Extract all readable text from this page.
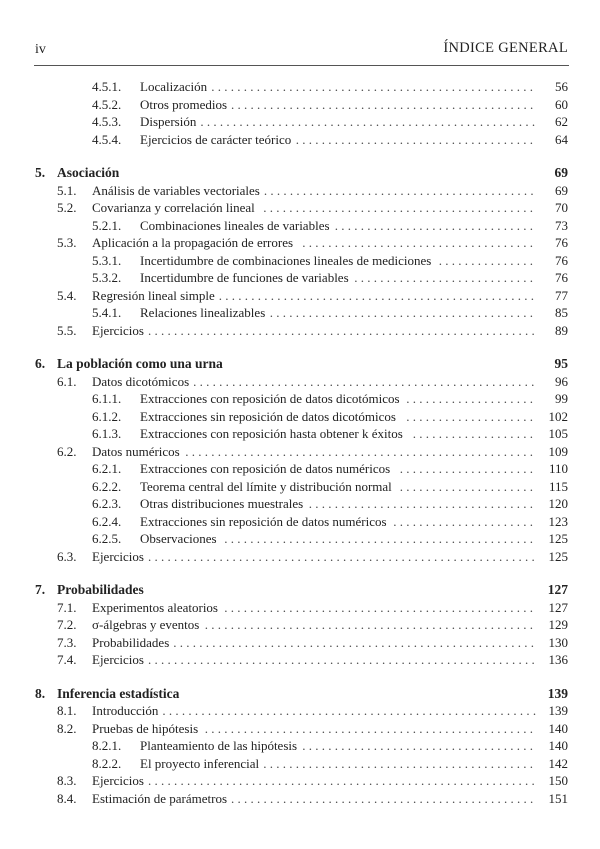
iv	ÍNDICE GENERAL
4.5.1.	Localización . . . . . . . . . . . . . . . . . . . . . . . . . . . . . . . . . . . . . . . . . . . . . . . . . .	56
4.5.2.	Otros promedios . . . . . . . . . . . . . . . . . . . . . . . . . . . . . . . . . . . . . . . . . . . . . . .	60
4.5.3.	Dispersión . . . . . . . . . . . . . . . . . . . . . . . . . . . . . . . . . . . . . . . . . . . . . . . . . . . .	62
4.5.4.	Ejercicios de carácter teórico . . . . . . . . . . . . . . . . . . . . . . . . . . . . . . . . . . . . .	64
5. Asociación	69
5.1.	Análisis de variables vectoriales . . . . . . . . . . . . . . . . . . . . . . . . . . . . . . . . . . . . . . . . . .	69
5.2.	Covarianza y correlación lineal . . . . . . . . . . . . . . . . . . . . . . . . . . . . . . . . . . . . . . . . . .	70
5.2.1.	Combinaciones lineales de variables . . . . . . . . . . . . . . . . . . . . . . . . . . . . . . .	73
5.3.	Aplicación a la propagación de errores . . . . . . . . . . . . . . . . . . . . . . . . . . . . . . . . . . . .	76
5.3.1.	Incertidumbre de combinaciones lineales de mediciones . . . . . . . . . . . . . . .	76
5.3.2.	Incertidumbre de funciones de variables . . . . . . . . . . . . . . . . . . . . . . . . . . . .	76
5.4.	Regresión lineal simple . . . . . . . . . . . . . . . . . . . . . . . . . . . . . . . . . . . . . . . . . . . . . . . . .	77
5.4.1.	Relaciones linealizables . . . . . . . . . . . . . . . . . . . . . . . . . . . . . . . . . . . . . . . . .	85
5.5.	Ejercicios . . . . . . . . . . . . . . . . . . . . . . . . . . . . . . . . . . . . . . . . . . . . . . . . . . . . . . . . . . . .	89
6. La población como una urna	95
6.1.	Datos dicotómicos . . . . . . . . . . . . . . . . . . . . . . . . . . . . . . . . . . . . . . . . . . . . . . . . . . . . .	96
6.1.1.	Extracciones con reposición de datos dicotómicos . . . . . . . . . . . . . . . . . . . .	99
6.1.2.	Extracciones sin reposición de datos dicotómicos . . . . . . . . . . . . . . . . . . . .	102
6.1.3.	Extracciones con reposición hasta obtener k éxitos . . . . . . . . . . . . . . . . . . .	105
6.2.	Datos numéricos . . . . . . . . . . . . . . . . . . . . . . . . . . . . . . . . . . . . . . . . . . . . . . . . . . . . . .	109
6.2.1.	Extracciones con reposición de datos numéricos . . . . . . . . . . . . . . . . . . . . .	110
6.2.2.	Teorema central del límite y distribución normal . . . . . . . . . . . . . . . . . . . . .	115
6.2.3.	Otras distribuciones muestrales . . . . . . . . . . . . . . . . . . . . . . . . . . . . . . . . . . .	120
6.2.4.	Extracciones sin reposición de datos numéricos . . . . . . . . . . . . . . . . . . . . . .	123
6.2.5.	Observaciones . . . . . . . . . . . . . . . . . . . . . . . . . . . . . . . . . . . . . . . . . . . . . . . .	125
6.3.	Ejercicios . . . . . . . . . . . . . . . . . . . . . . . . . . . . . . . . . . . . . . . . . . . . . . . . . . . . . . . . . . . .	125
7. Probabilidades	127
7.1.	Experimentos aleatorios . . . . . . . . . . . . . . . . . . . . . . . . . . . . . . . . . . . . . . . . . . . . . . . .	127
7.2.	σ-álgebras y eventos . . . . . . . . . . . . . . . . . . . . . . . . . . . . . . . . . . . . . . . . . . . . . . . . . . .	129
7.3.	Probabilidades . . . . . . . . . . . . . . . . . . . . . . . . . . . . . . . . . . . . . . . . . . . . . . . . . . . . . . . .	130
7.4.	Ejercicios . . . . . . . . . . . . . . . . . . . . . . . . . . . . . . . . . . . . . . . . . . . . . . . . . . . . . . . . . . . .	136
8. Inferencia estadística	139
8.1.	Introducción . . . . . . . . . . . . . . . . . . . . . . . . . . . . . . . . . . . . . . . . . . . . . . . . . . . . . . . . . . 139
8.2.	Pruebas de hipótesis . . . . . . . . . . . . . . . . . . . . . . . . . . . . . . . . . . . . . . . . . . . . . . . . . . .	140
8.2.1.	Planteamiento de las hipótesis . . . . . . . . . . . . . . . . . . . . . . . . . . . . . . . . . . . .	140
8.2.2.	El proyecto inferencial . . . . . . . . . . . . . . . . . . . . . . . . . . . . . . . . . . . . . . . . . .	142
8.3.	Ejercicios . . . . . . . . . . . . . . . . . . . . . . . . . . . . . . . . . . . . . . . . . . . . . . . . . . . . . . . . . . . .	150
8.4.	Estimación de parámetros . . . . . . . . . . . . . . . . . . . . . . . . . . . . . . . . . . . . . . . . . . . . . . .	151
